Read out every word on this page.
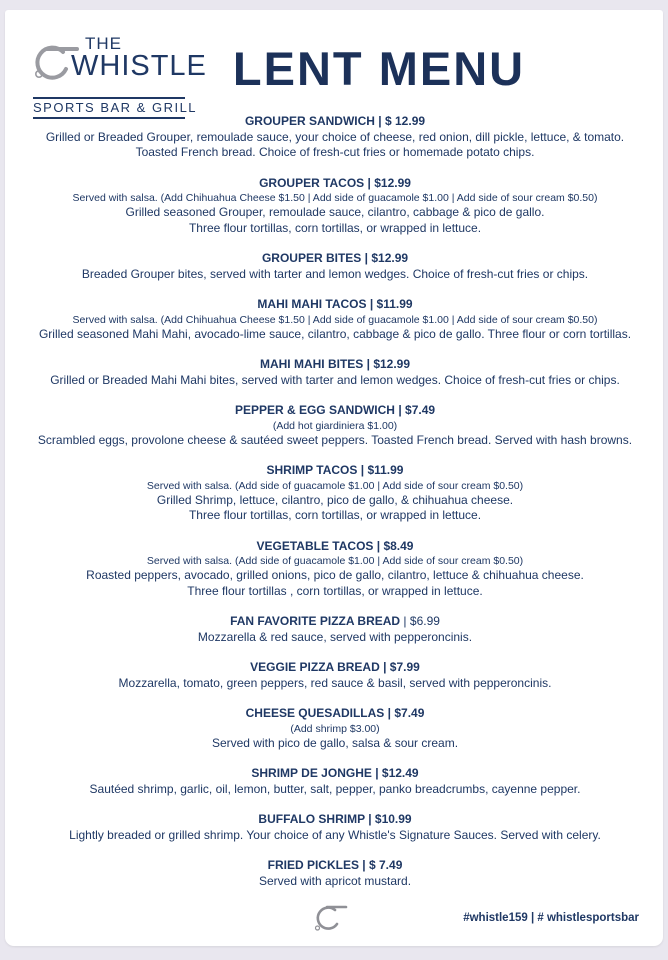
THE
WHISTLE
SPORTS BAR & GRILL
LENT MENU
GROUPER SANDWICH | $ 12.99

Grilled or Breaded Grouper, remoulade sauce, your choice of cheese, red onion, dill pickle, lettuce, & tomato.

Toasted French bread. Choice of fresh-cut fries or homemade potato chips.

GROUPER TACOS | $12.99

Served with salsa. (Add Chihuahua Cheese $1.50 | Add side of guacamole $1.00 | Add side of sour cream $0.50)

Grilled seasoned Grouper, remoulade sauce, cilantro, cabbage & pico de gallo.

Three flour tortillas, corn tortillas, or wrapped in lettuce.

GROUPER BITES | $12.99

Breaded Grouper bites, served with tarter and lemon wedges. Choice of fresh-cut fries or chips.

MAHI MAHI TACOS | $11.99

Served with salsa. (Add Chihuahua Cheese $1.50 | Add side of guacamole $1.00 | Add side of sour cream $0.50)

Grilled seasoned Mahi Mahi, avocado-lime sauce, cilantro, cabbage & pico de gallo. Three flour or corn tortillas.

MAHI MAHI BITES | $12.99

Grilled or Breaded Mahi Mahi bites, served with tarter and lemon wedges. Choice of fresh-cut fries or chips.

PEPPER & EGG SANDWICH | $7.49

(Add hot giardiniera $1.00)

Scrambled eggs, provolone cheese & sautéed sweet peppers. Toasted French bread. Served with hash browns.

SHRIMP TACOS | $11.99

Served with salsa. (Add side of guacamole $1.00 | Add side of sour cream $0.50)

Grilled Shrimp, lettuce, cilantro, pico de gallo, & chihuahua cheese.

Three flour tortillas, corn tortillas, or wrapped in lettuce.

VEGETABLE TACOS | $8.49

Served with salsa. (Add side of guacamole $1.00 | Add side of sour cream $0.50)

Roasted peppers, avocado, grilled onions, pico de gallo, cilantro, lettuce & chihuahua cheese.

Three flour tortillas , corn tortillas, or wrapped in lettuce.

FAN FAVORITE PIZZA BREAD | $6.99

Mozzarella & red sauce, served with pepperoncinis.

VEGGIE PIZZA BREAD | $7.99

Mozzarella, tomato, green peppers, red sauce & basil, served with pepperoncinis.

CHEESE QUESADILLAS | $7.49

(Add shrimp $3.00)

Served with pico de gallo, salsa & sour cream.

SHRIMP DE JONGHE | $12.49

Sautéed shrimp, garlic, oil, lemon, butter, salt, pepper, panko breadcrumbs, cayenne pepper.

BUFFALO SHRIMP | $10.99

Lightly breaded or grilled shrimp. Your choice of any Whistle's Signature Sauces. Served with celery.

FRIED PICKLES | $ 7.49

Served with apricot mustard.

#whistle159 | # whistlesportsbar
